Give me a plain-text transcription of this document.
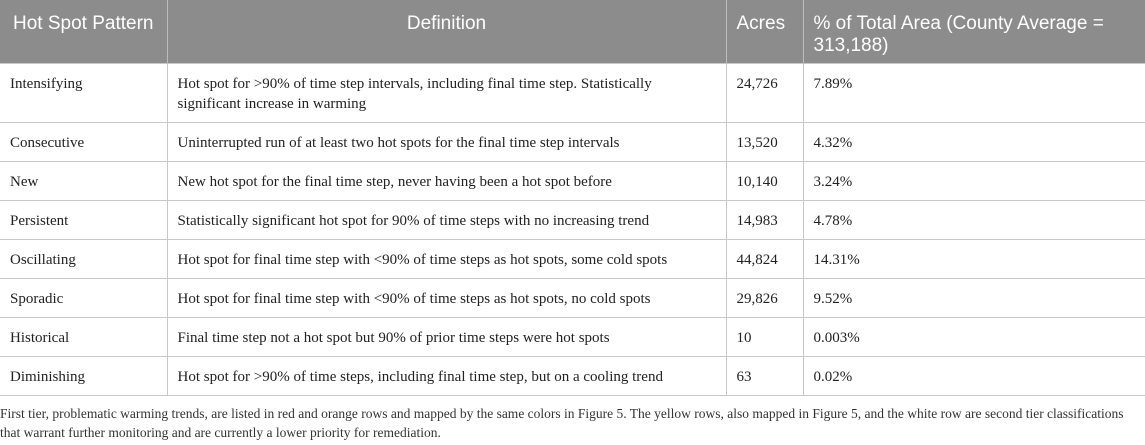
Hot Spot Pattern	Definition	Acres	% of Total Area (County Average = 313,188)
Intensifying	Hot spot for >90% of time step intervals, including final time step. Statistically significant increase in warming	24,726	7.89%
Consecutive	Uninterrupted run of at least two hot spots for the final time step intervals	13,520	4.32%
New	New hot spot for the final time step, never having been a hot spot before	10,140	3.24%
Persistent	Statistically significant hot spot for 90% of time steps with no increasing trend	14,983	4.78%
Oscillating	Hot spot for final time step with <90% of time steps as hot spots, some cold spots	44,824	14.31%
Sporadic	Hot spot for final time step with <90% of time steps as hot spots, no cold spots	29,826	9.52%
Historical	Final time step not a hot spot but 90% of prior time steps were hot spots	10	0.003%
Diminishing	Hot spot for >90% of time steps, including final time step, but on a cooling trend	63	0.02%
First tier, problematic warming trends, are listed in red and orange rows and mapped by the same colors in Figure 5. The yellow rows, also mapped in Figure 5, and the white row are second tier classifications that warrant further monitoring and are currently a lower priority for remediation.
